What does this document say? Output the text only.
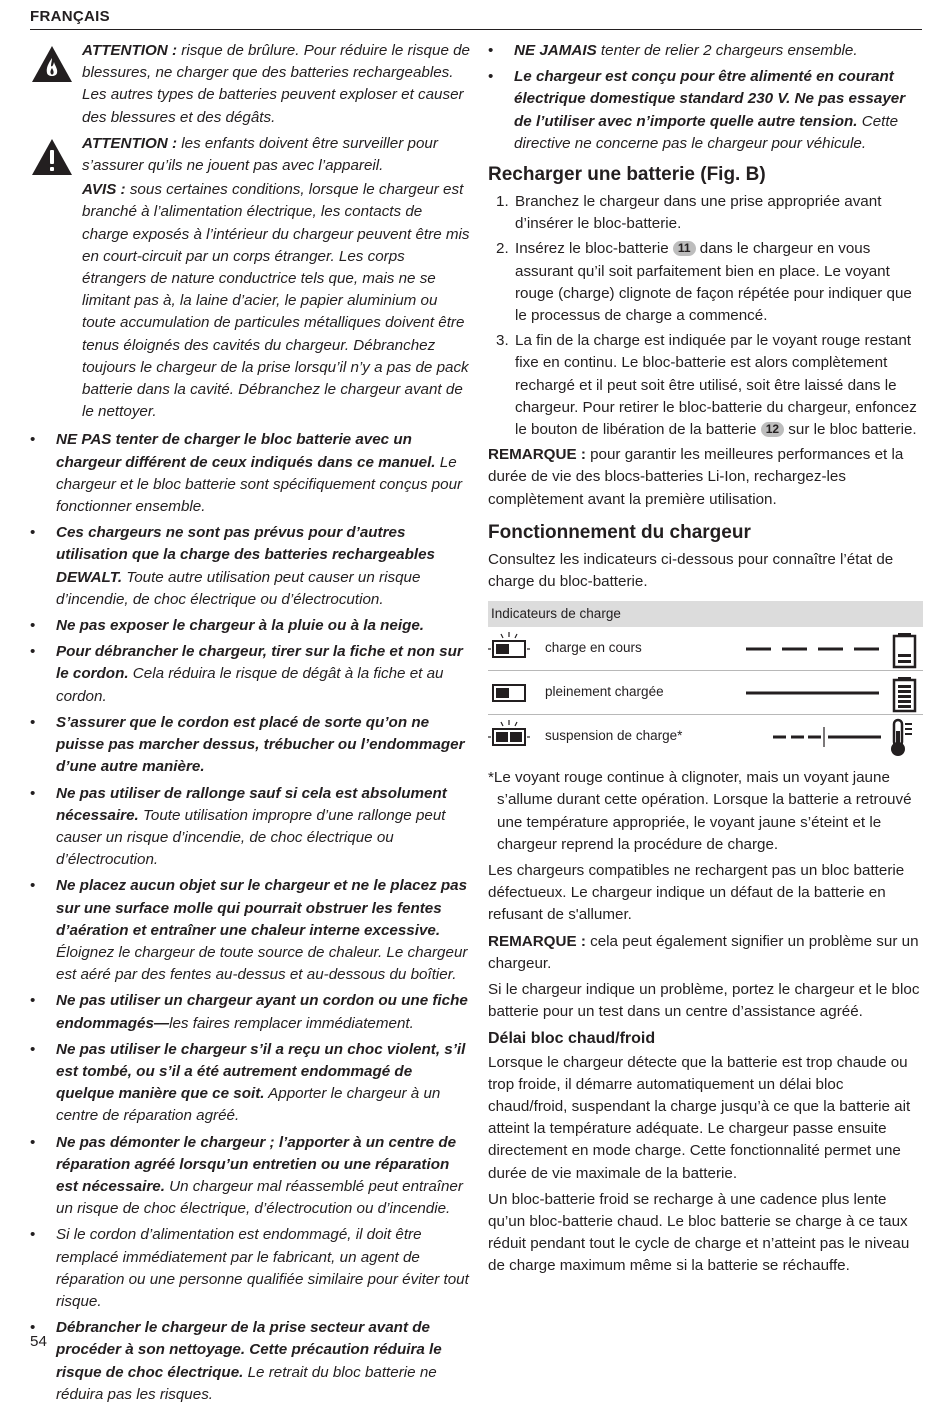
FRANÇAIS
ATTENTION : risque de brûlure. Pour réduire le risque de blessures, ne charger que des batteries rechargeables. Les autres types de batteries peuvent exploser et causer des blessures et des dégâts.
ATTENTION : les enfants doivent être surveiller pour s’assurer qu’ils ne jouent pas avec l’appareil.
AVIS : sous certaines conditions, lorsque le chargeur est branché à l’alimentation électrique, les contacts de charge exposés à l’intérieur du chargeur peuvent être mis en court-circuit par un corps étranger. Les corps étrangers de nature conductrice tels que, mais ne se limitant pas à, la laine d’acier, le papier aluminium ou toute accumulation de particules métalliques doivent être tenus éloignés des cavités du chargeur. Débranchez toujours le chargeur de la prise lorsqu’il n’y a pas de pack batterie dans la cavité. Débranchez le chargeur avant de le nettoyer.
• NE PAS tenter de charger le bloc batterie avec un chargeur différent de ceux indiqués dans ce manuel. Le chargeur et le bloc batterie sont spécifiquement conçus pour fonctionner ensemble.
• Ces chargeurs ne sont pas prévus pour d’autres utilisation que la charge des batteries rechargeables DEWALT. Toute autre utilisation peut causer un risque d’incendie, de choc électrique ou d’électrocution.
• Ne pas exposer le chargeur à la pluie ou à la neige.
• Pour débrancher le chargeur, tirer sur la fiche et non sur le cordon. Cela réduira le risque de dégât à la fiche et au cordon.
• S’assurer que le cordon est placé de sorte qu’on ne puisse pas marcher dessus, trébucher ou l’endommager d’une autre manière.
• Ne pas utiliser de rallonge sauf si cela est absolument nécessaire. Toute utilisation impropre d’une rallonge peut causer un risque d’incendie, de choc électrique ou d’électrocution.
• Ne placez aucun objet sur le chargeur et ne le placez pas sur une surface molle qui pourrait obstruer les fentes d’aération et entraîner une chaleur interne excessive. Éloignez le chargeur de toute source de chaleur. Le chargeur est aéré par des fentes au-dessus et au-dessous du boîtier.
• Ne pas utiliser un chargeur ayant un cordon ou une fiche endommagés—les faires remplacer immédiatement.
• Ne pas utiliser le chargeur s’il a reçu un choc violent, s’il est tombé, ou s’il a été autrement endommagé de quelque manière que ce soit. Apporter le chargeur à un centre de réparation agréé.
• Ne pas démonter le chargeur ; l’apporter à un centre de réparation agréé lorsqu’un entretien ou une réparation est nécessaire. Un chargeur mal réassemblé peut entraîner un risque de choc électrique, d’électrocution ou d’incendie.
• Si le cordon d’alimentation est endommagé, il doit être remplacé immédiatement par le fabricant, un agent de réparation ou une personne qualifiée similaire pour éviter tout risque.
• Débrancher le chargeur de la prise secteur avant de procéder à son nettoyage. Cette précaution réduira le risque de choc électrique. Le retrait du bloc batterie ne réduira pas les risques.
• NE JAMAIS tenter de relier 2 chargeurs ensemble.
• Le chargeur est conçu pour être alimenté en courant électrique domestique standard 230 V. Ne pas essayer de l’utiliser avec n’importe quelle autre tension. Cette directive ne concerne pas le chargeur pour véhicule.
Recharger une batterie (Fig. B)
1. Branchez le chargeur dans une prise appropriée avant d’insérer le bloc-batterie.
2. Insérez le bloc-batterie 11 dans le chargeur en vous assurant qu’il soit parfaitement bien en place. Le voyant rouge (charge) clignote de façon répétée pour indiquer que le processus de charge a commencé.
3. La fin de la charge est indiquée par le voyant rouge restant fixe en continu. Le bloc-batterie est alors complètement rechargé et il peut soit être utilisé, soit être laissé dans le chargeur. Pour retirer le bloc-batterie du chargeur, enfoncez le bouton de libération de la batterie 12 sur le bloc batterie.
REMARQUE : pour garantir les meilleures performances et la durée de vie des blocs-batteries Li-Ion, rechargez-les complètement avant la première utilisation.
Fonctionnement du chargeur
Consultez les indicateurs ci-dessous pour connaître l’état de charge du bloc-batterie.
Indicateurs de charge
charge en cours
pleinement chargée
suspension de charge*
*Le voyant rouge continue à clignoter, mais un voyant jaune s’allume durant cette opération. Lorsque la batterie a retrouvé une température appropriée, le voyant jaune s’éteint et le chargeur reprend la procédure de charge.
Les chargeurs compatibles ne rechargent pas un bloc batterie défectueux. Le chargeur indique un défaut de la batterie en refusant de s'allumer.
REMARQUE : cela peut également signifier un problème sur un chargeur.
Si le chargeur indique un problème, portez le chargeur et le bloc batterie pour un test dans un centre d’assistance agréé.
Délai bloc chaud/froid
Lorsque le chargeur détecte que la batterie est trop chaude ou trop froide, il démarre automatiquement un délai bloc chaud/froid, suspendant la charge jusqu’à ce que la batterie ait atteint la température adéquate. Le chargeur passe ensuite directement en mode charge. Cette fonctionnalité permet une durée de vie maximale de la batterie.
Un bloc-batterie froid se recharge à une cadence plus lente qu’un bloc-batterie chaud. Le bloc batterie se charge à ce taux réduit pendant tout le cycle de charge et n’atteint pas le niveau de charge maximum même si la batterie se réchauffe.
54
